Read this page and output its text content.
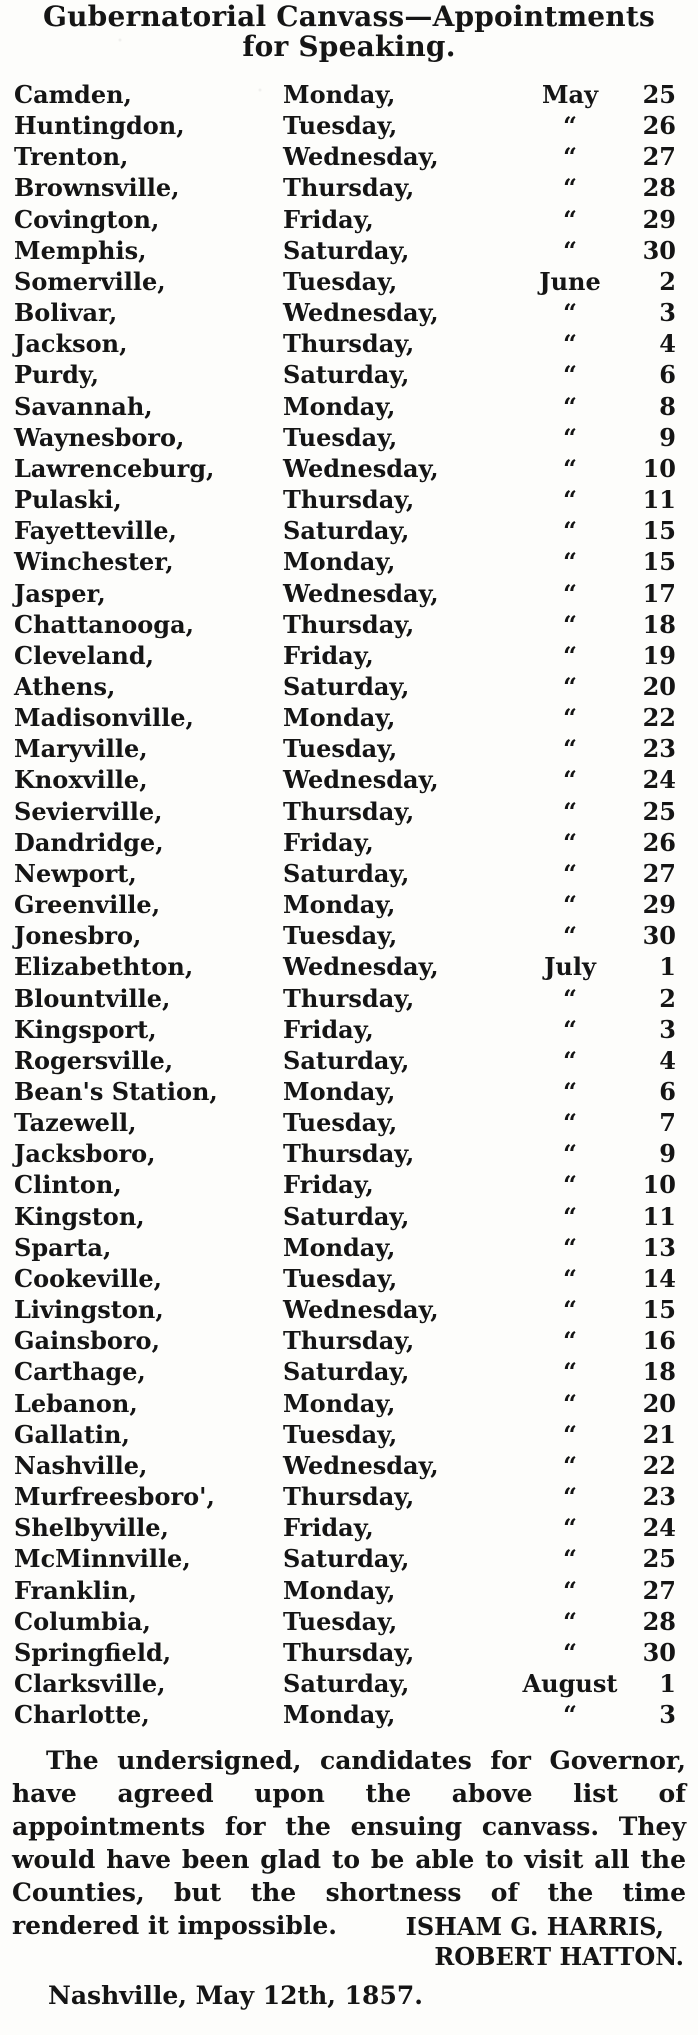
Gubernatorial Canvass—Appointments
for Speaking.
Camden,	Monday,	May	25
Huntingdon,	Tuesday,	“	26
Trenton,	Wednesday,	“	27
Brownsville,	Thursday,	“	28
Covington,	Friday,	“	29
Memphis,	Saturday,	“	30
Somerville,	Tuesday,	June	2
Bolivar,	Wednesday,	“	3
Jackson,	Thursday,	“	4
Purdy,	Saturday,	“	6
Savannah,	Monday,	“	8
Waynesboro,	Tuesday,	“	9
Lawrenceburg,	Wednesday,	“	10
Pulaski,	Thursday,	“	11
Fayetteville,	Saturday,	“	15
Winchester,	Monday,	“	15
Jasper,	Wednesday,	“	17
Chattanooga,	Thursday,	“	18
Cleveland,	Friday,	“	19
Athens,	Saturday,	“	20
Madisonville,	Monday,	“	22
Maryville,	Tuesday,	“	23
Knoxville,	Wednesday,	“	24
Sevierville,	Thursday,	“	25
Dandridge,	Friday,	“	26
Newport,	Saturday,	“	27
Greenville,	Monday,	“	29
Jonesbro,	Tuesday,	“	30
Elizabethton,	Wednesday,	July	1
Blountville,	Thursday,	“	2
Kingsport,	Friday,	“	3
Rogersville,	Saturday,	“	4
Bean's Station,	Monday,	“	6
Tazewell,	Tuesday,	“	7
Jacksboro,	Thursday,	“	9
Clinton,	Friday,	“	10
Kingston,	Saturday,	“	11
Sparta,	Monday,	“	13
Cookeville,	Tuesday,	“	14
Livingston,	Wednesday,	“	15
Gainsboro,	Thursday,	“	16
Carthage,	Saturday,	“	18
Lebanon,	Monday,	“	20
Gallatin,	Tuesday,	“	21
Nashville,	Wednesday,	“	22
Murfreesboro',	Thursday,	“	23
Shelbyville,	Friday,	“	24
McMinnville,	Saturday,	“	25
Franklin,	Monday,	“	27
Columbia,	Tuesday,	“	28
Springfield,	Thursday,	“	30
Clarksville,	Saturday,	August 1
Charlotte,	Monday,	“	3

The undersigned, candidates for Governor, have agreed upon the above list of appointments for the ensuing canvass. They would have been glad to be able to visit all the Counties, but the shortness of the time rendered it impossible.	ISHAM G. HARRIS,
ROBERT HATTON.
Nashville, May 12th, 1857.
